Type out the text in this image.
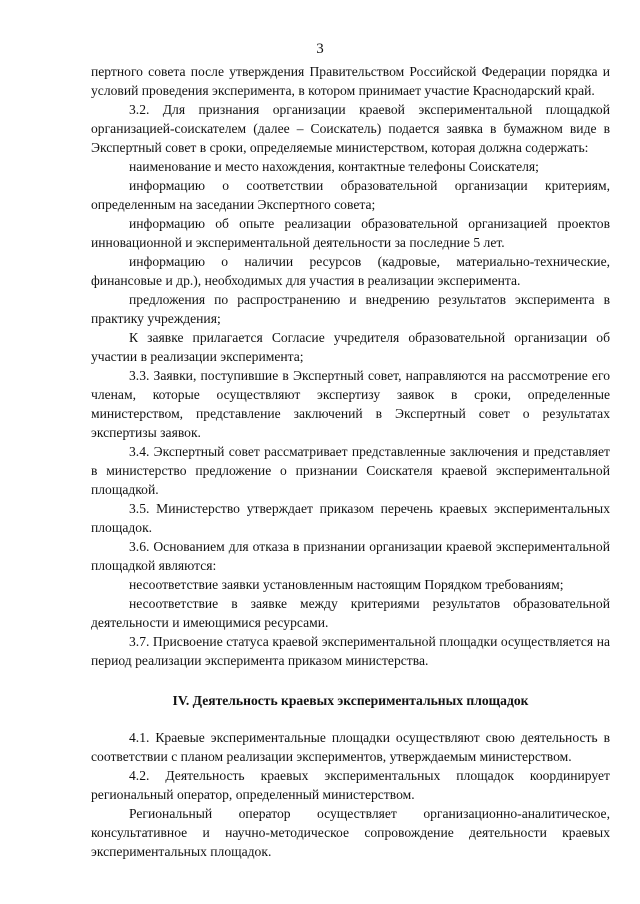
3

пертного совета после утверждения Правительством Российской Федерации порядка и условий проведения эксперимента, в котором принимает участие Краснодарский край.

3.2. Для признания организации краевой экспериментальной площадкой организацией-соискателем (далее – Соискатель) подается заявка в бумажном виде в Экспертный совет в сроки, определяемые министерством, которая должна содержать:

наименование и место нахождения, контактные телефоны Соискателя;

информацию о соответствии образовательной организации критериям, определенным на заседании Экспертного совета;

информацию об опыте реализации образовательной организацией проектов инновационной и экспериментальной деятельности за последние 5 лет.

информацию о наличии ресурсов (кадровые, материально-технические, финансовые и др.), необходимых для участия в реализации эксперимента.

предложения по распространению и внедрению результатов эксперимента в практику учреждения;

К заявке прилагается Согласие учредителя образовательной организации об участии в реализации эксперимента;

3.3. Заявки, поступившие в Экспертный совет, направляются на рассмотрение его членам, которые осуществляют экспертизу заявок в сроки, определенные министерством, представление заключений в Экспертный совет о результатах экспертизы заявок.

3.4. Экспертный совет рассматривает представленные заключения и представляет в министерство предложение о признании Соискателя краевой экспериментальной площадкой.

3.5. Министерство утверждает приказом перечень краевых экспериментальных площадок.

3.6. Основанием для отказа в признании организации краевой экспериментальной площадкой являются:

несоответствие заявки установленным настоящим Порядком требованиям;

несоответствие в заявке между критериями результатов образовательной деятельности и имеющимися ресурсами.

3.7. Присвоение статуса краевой экспериментальной площадки осуществляется на период реализации эксперимента приказом министерства.

IV. Деятельность краевых экспериментальных площадок

4.1. Краевые экспериментальные площадки осуществляют свою деятельность в соответствии с планом реализации экспериментов, утверждаемым министерством.

4.2. Деятельность краевых экспериментальных площадок координирует региональный оператор, определенный министерством.

Региональный оператор осуществляет организационно-аналитическое, консультативное и научно-методическое сопровождение деятельности краевых экспериментальных площадок.
